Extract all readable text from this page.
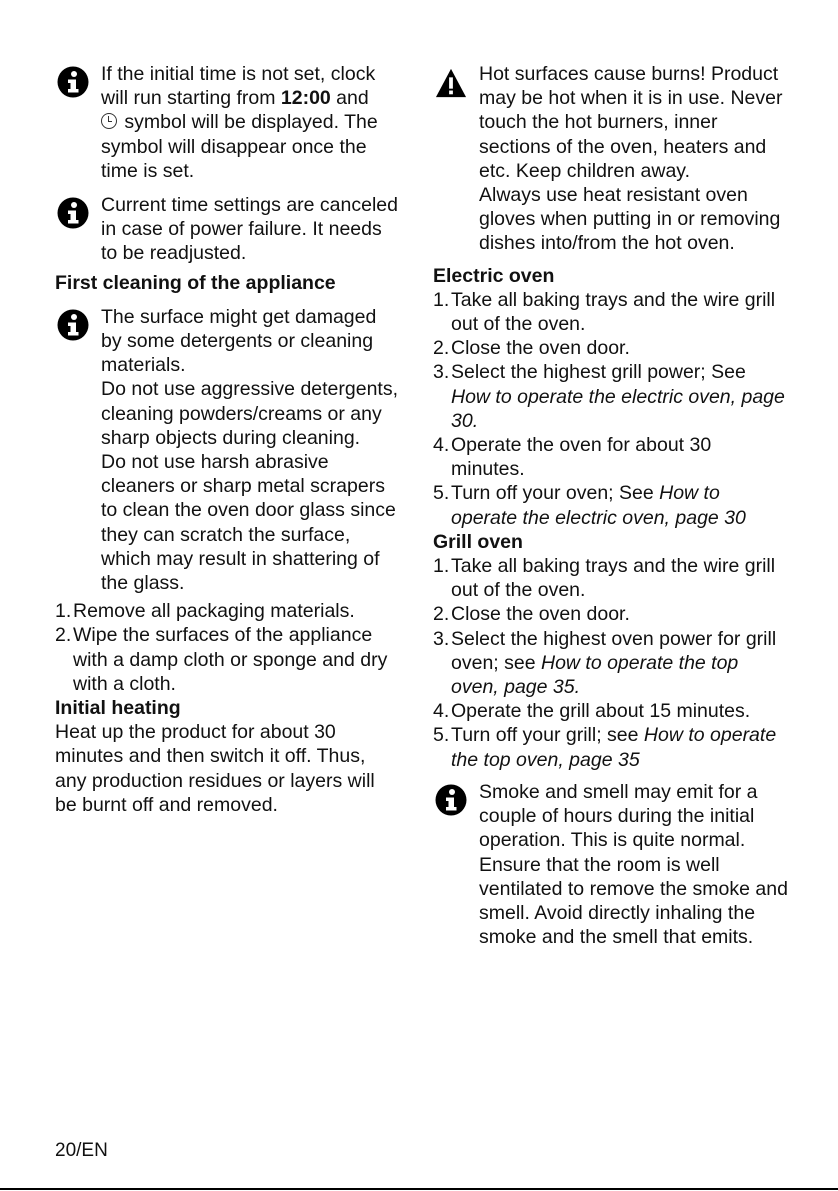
If the initial time is not set, clock will run starting from 12:00 and
symbol will be displayed. The symbol will disappear once the time is set.

Current time settings are canceled in case of power failure. It needs to be readjusted.

First cleaning of the appliance

The surface might get damaged by some detergents or cleaning materials.

Do not use aggressive detergents, cleaning powders/creams or any sharp objects during cleaning.

Do not use harsh abrasive cleaners or sharp metal scrapers to clean the oven door glass since they can scratch the surface, which may result in shattering of the glass.

1. Remove all packaging materials.
2. Wipe the surfaces of the appliance with a damp cloth or sponge and dry with a cloth.

Initial heating

Heat up the product for about 30 minutes and then switch it off. Thus, any production residues or layers will be burnt off and removed.

Hot surfaces cause burns! Product may be hot when it is in use. Never touch the hot burners, inner sections of the oven, heaters and etc. Keep children away.

Always use heat resistant oven gloves when putting in or removing dishes into/from the hot oven.

Electric oven

1. Take all baking trays and the wire grill out of the oven.
2. Close the oven door.
3. Select the highest grill power; See
How to operate the electric oven, page 30.
4. Operate the oven for about 30 minutes.
5. Turn off your oven; See How to operate the electric oven, page 30

Grill oven

1. Take all baking trays and the wire grill out of the oven.
2. Close the oven door.
3. Select the highest oven power for grill oven; see How to operate the top oven, page 35.
4. Operate the grill about 15 minutes.
5. Turn off your grill; see How to operate the top oven, page 35

Smoke and smell may emit for a couple of hours during the initial operation. This is quite normal. Ensure that the room is well ventilated to remove the smoke and smell. Avoid directly inhaling the smoke and the smell that emits.

20/EN
